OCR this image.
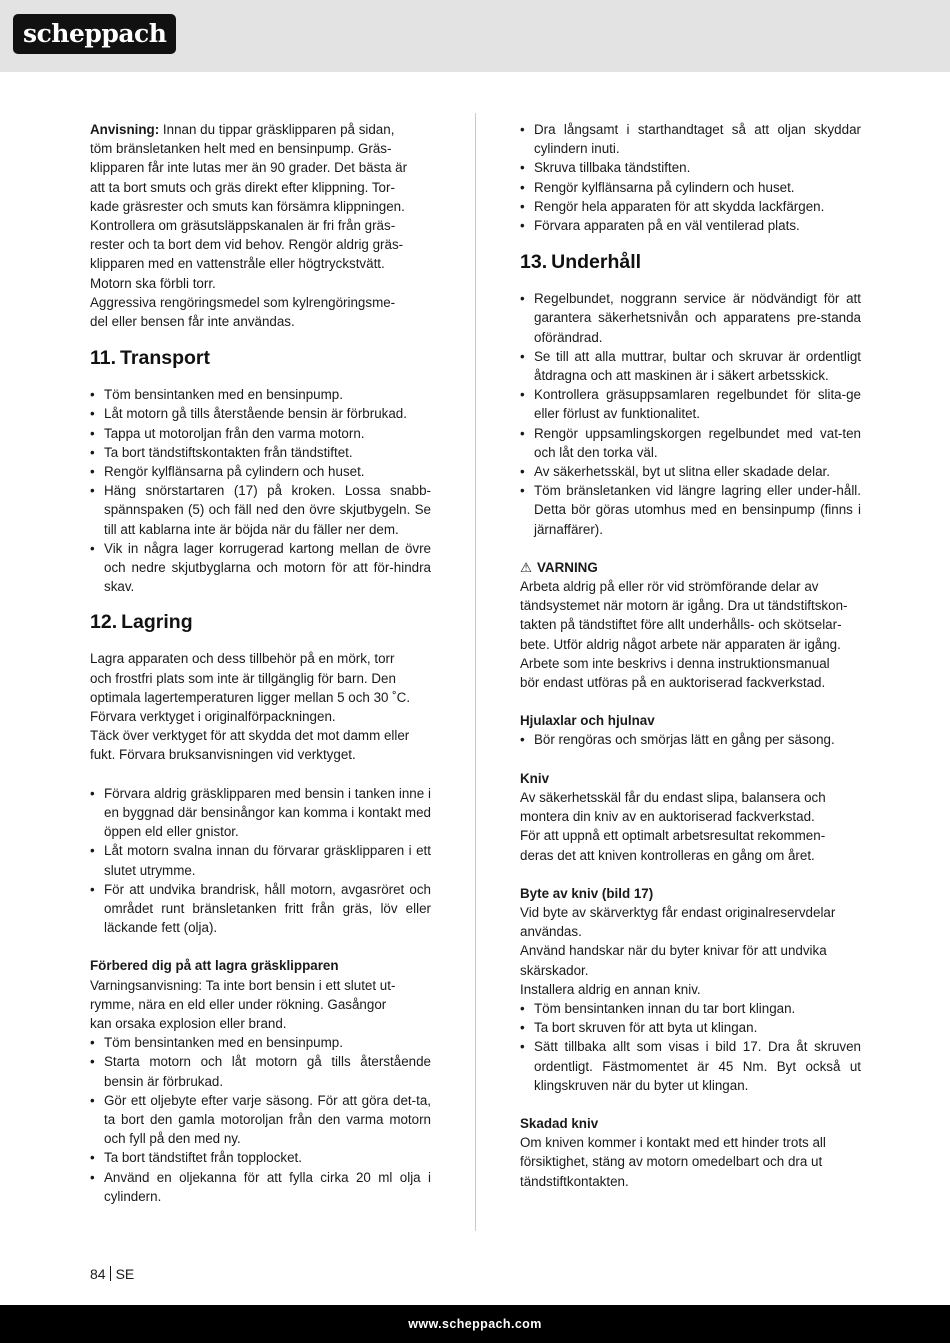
scheppach

Anvisning: Innan du tippar gräsklipparen på sidan,
töm bränsletanken helt med en bensinpump. Gräs-
klipparen får inte lutas mer än 90 grader. Det bästa är
att ta bort smuts och gräs direkt efter klippning. Tor-
kade gräsrester och smuts kan försämra klippningen.
Kontrollera om gräsutsläppskanalen är fri från gräs-
rester och ta bort dem vid behov. Rengör aldrig gräs-
klipparen med en vattenstråle eller högtryckstvätt.
Motorn ska förbli torr.
Aggressiva rengöringsmedel som kylrengöringsme-
del eller bensen får inte användas.

11. Transport
• Töm bensintanken med en bensinpump.
• Låt motorn gå tills återstående bensin är förbrukad.
• Tappa ut motoroljan från den varma motorn.
• Ta bort tändstiftskontakten från tändstiftet.
• Rengör kylflänsarna på cylindern och huset.
• Häng snörstartaren (17) på kroken. Lossa snabb-spännspaken (5) och fäll ned den övre skjutbygeln. Se till att kablarna inte är böjda när du fäller ner dem.
• Vik in några lager korrugerad kartong mellan de övre och nedre skjutbyglarna och motorn för att för-hindra skav.
12. Lagring

Lagra apparaten och dess tillbehör på en mörk, torr
och frostfri plats som inte är tillgänglig för barn. Den
optimala lagertemperaturen ligger mellan 5 och 30 ˚C.
Förvara verktyget i originalförpackningen.
Täck över verktyget för att skydda det mot damm eller
fukt. Förvara bruksanvisningen vid verktyget.

• Förvara aldrig gräsklipparen med bensin i tanken inne i en byggnad där bensinångor kan komma i kontakt med öppen eld eller gnistor.
• Låt motorn svalna innan du förvarar gräsklipparen i ett slutet utrymme.
• För att undvika brandrisk, håll motorn, avgasröret och området runt bränsletanken fritt från gräs, löv eller läckande fett (olja).
Förbered dig på att lagra gräsklipparen

Varningsanvisning: Ta inte bort bensin i ett slutet ut-
rymme, nära en eld eller under rökning. Gasångor
kan orsaka explosion eller brand.

• Töm bensintanken med en bensinpump.
• Starta motorn och låt motorn gå tills återstående bensin är förbrukad.
• Gör ett oljebyte efter varje säsong. För att göra det-ta, ta bort den gamla motoroljan från den varma motorn och fyll på den med ny.
• Ta bort tändstiftet från topplocket.
• Använd en oljekanna för att fylla cirka 20 ml olja i cylindern.
• Dra långsamt i starthandtaget så att oljan skyddar cylindern inuti.
• Skruva tillbaka tändstiften.
• Rengör kylflänsarna på cylindern och huset.
• Rengör hela apparaten för att skydda lackfärgen.
• Förvara apparaten på en väl ventilerad plats.
13. Underhåll
• Regelbundet, noggrann service är nödvändigt för att garantera säkerhetsnivån och apparatens pre-standa oförändrad.
• Se till att alla muttrar, bultar och skruvar är ordentligt åtdragna och att maskinen är i säkert arbetsskick.
• Kontrollera gräsuppsamlaren regelbundet för slita-ge eller förlust av funktionalitet.
• Rengör uppsamlingskorgen regelbundet med vat-ten och låt den torka väl.
• Av säkerhetsskäl, byt ut slitna eller skadade delar.
• Töm bränsletanken vid längre lagring eller under-håll. Detta bör göras utomhus med en bensinpump (finns i järnaffärer).
⚠ VARNING

Arbeta aldrig på eller rör vid strömförande delar av
tändsystemet när motorn är igång. Dra ut tändstiftskon-
takten på tändstiftet före allt underhålls- och skötselar-
bete. Utför aldrig något arbete när apparaten är igång.
Arbete som inte beskrivs i denna instruktionsmanual
bör endast utföras på en auktoriserad fackverkstad.

Hjulaxlar och hjulnav
• Bör rengöras och smörjas lätt en gång per säsong.
Kniv

Av säkerhetsskäl får du endast slipa, balansera och
montera din kniv av en auktoriserad fackverkstad.
För att uppnå ett optimalt arbetsresultat rekommen-
deras det att kniven kontrolleras en gång om året.

Byte av kniv (bild 17)

Vid byte av skärverktyg får endast originalreservdelar
användas.
Använd handskar när du byter knivar för att undvika
skärskador.
Installera aldrig en annan kniv.

• Töm bensintanken innan du tar bort klingan.
• Ta bort skruven för att byta ut klingan.
• Sätt tillbaka allt som visas i bild 17. Dra åt skruven ordentligt. Fästmomentet är 45 Nm. Byt också ut klingskruven när du byter ut klingan.
Skadad kniv

Om kniven kommer i kontakt med ett hinder trots all
försiktighet, stäng av motorn omedelbart och dra ut
tändstiftkontakten.

84 SE
www.scheppach.com
